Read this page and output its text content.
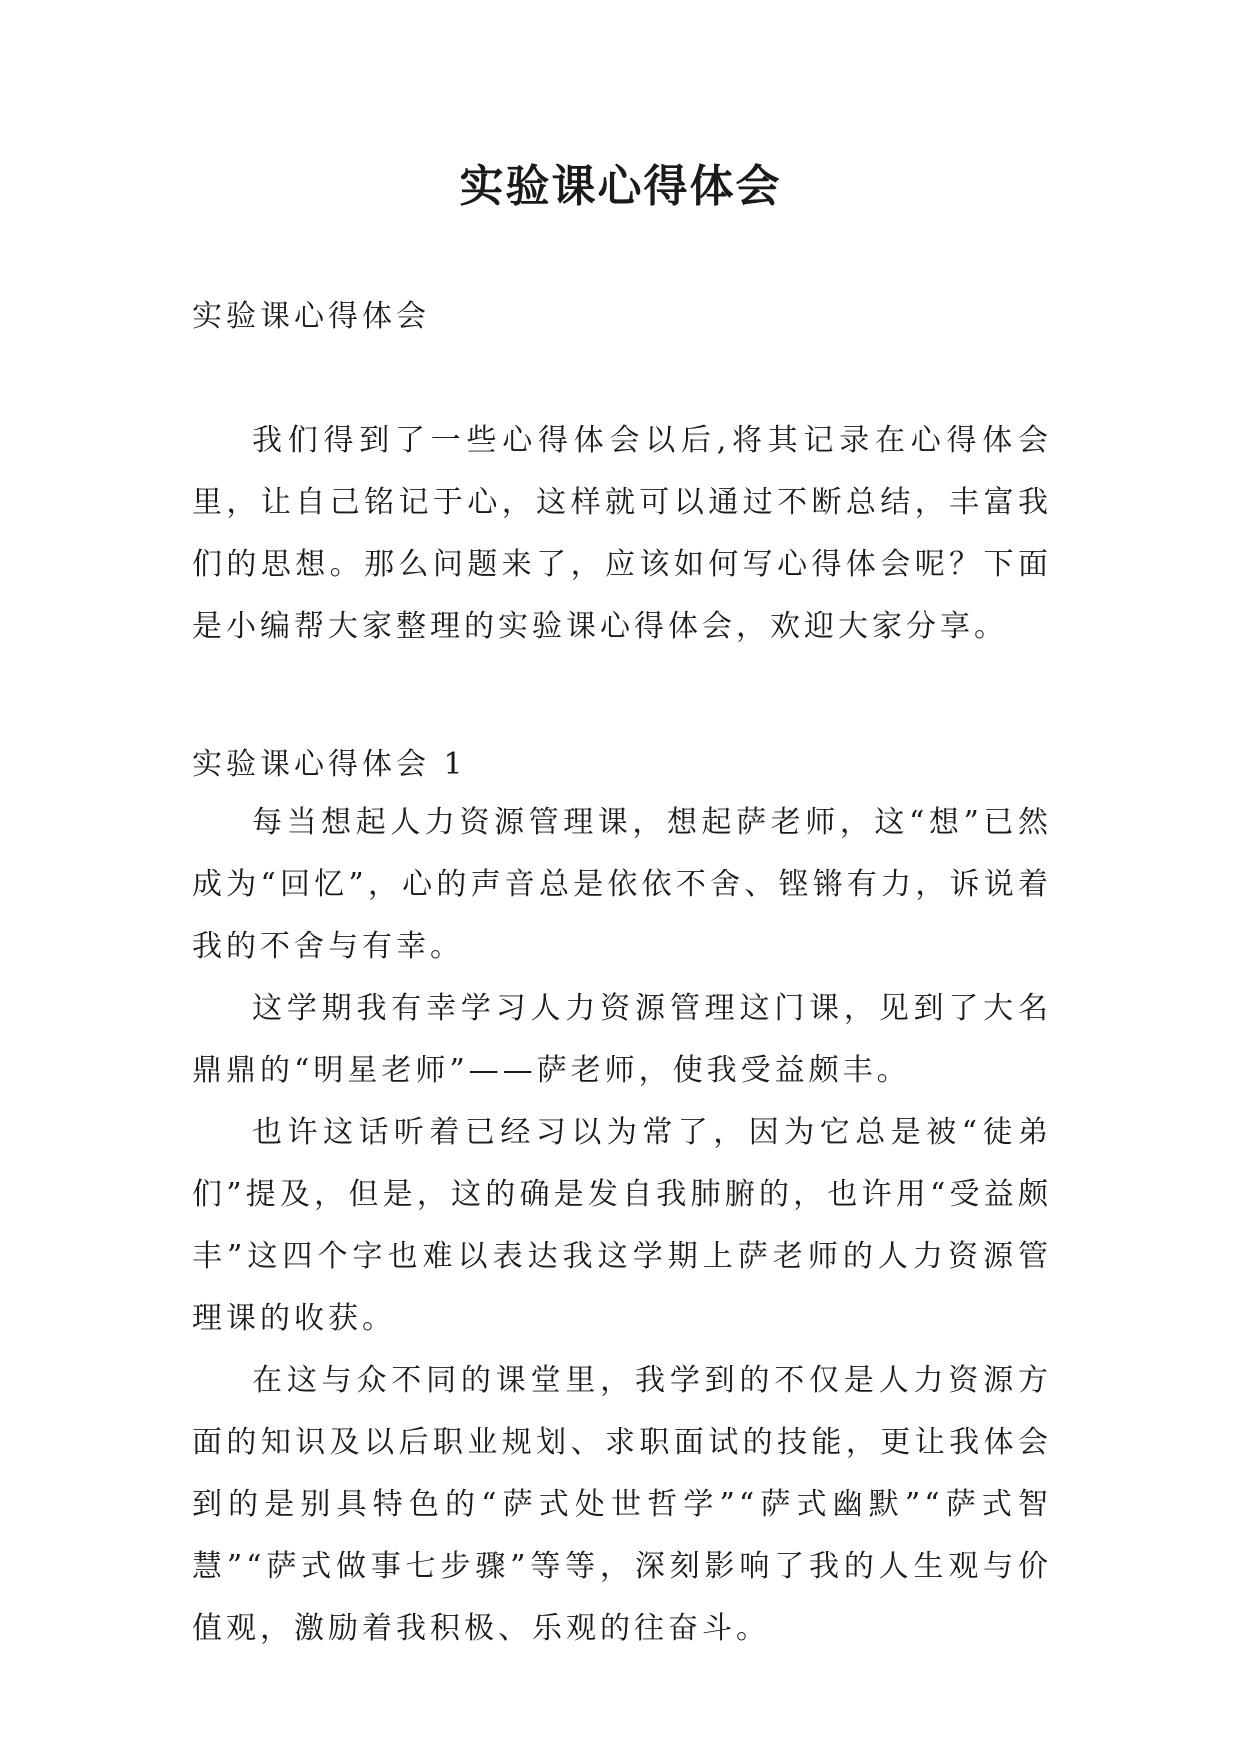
实验课心得体会

实验课心得体会

我们得到了一些心得体会以后,将其记录在心得体会里，让自己铭记于心，这样就可以通过不断总结，丰富我们的思想。那么问题来了，应该如何写心得体会呢？下面是小编帮大家整理的实验课心得体会，欢迎大家分享。

实验课心得体会 1

每当想起人力资源管理课，想起萨老师，这“想”已然成为“回忆”，心的声音总是依依不舍、铿锵有力，诉说着我的不舍与有幸。

这学期我有幸学习人力资源管理这门课，见到了大名鼎鼎的“明星老师”——萨老师，使我受益颇丰。

也许这话听着已经习以为常了，因为它总是被“徒弟们”提及，但是，这的确是发自我肺腑的，也许用“受益颇丰”这四个字也难以表达我这学期上萨老师的人力资源管理课的收获。

在这与众不同的课堂里，我学到的不仅是人力资源方面的知识及以后职业规划、求职面试的技能，更让我体会到的是别具特色的“萨式处世哲学”“萨式幽默”“萨式智慧”“萨式做事七步骤”等等，深刻影响了我的人生观与价值观，激励着我积极、乐观的往奋斗。
